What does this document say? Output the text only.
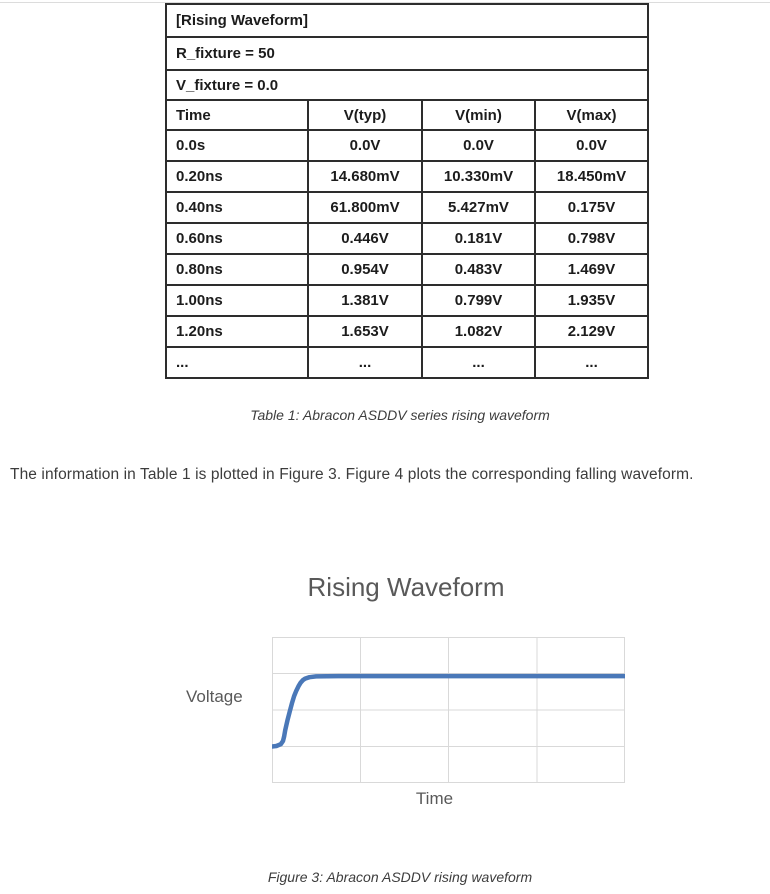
[Rising Waveform]			
R_fixture = 50			
V_fixture = 0.0			
Time	V(typ)	V(min)	V(max)
0.0s	0.0V	0.0V	0.0V
0.20ns	14.680mV	10.330mV	18.450mV
0.40ns	61.800mV	5.427mV	0.175V
0.60ns	0.446V	0.181V	0.798V
0.80ns	0.954V	0.483V	1.469V
1.00ns	1.381V	0.799V	1.935V
1.20ns	1.653V	1.082V	2.129V
...	...	...	...
Table 1: Abracon ASDDV series rising waveform
The information in Table 1 is plotted in Figure 3. Figure 4 plots the corresponding falling waveform.
Rising Waveform
Voltage
Time
Figure 3: Abracon ASDDV rising waveform
